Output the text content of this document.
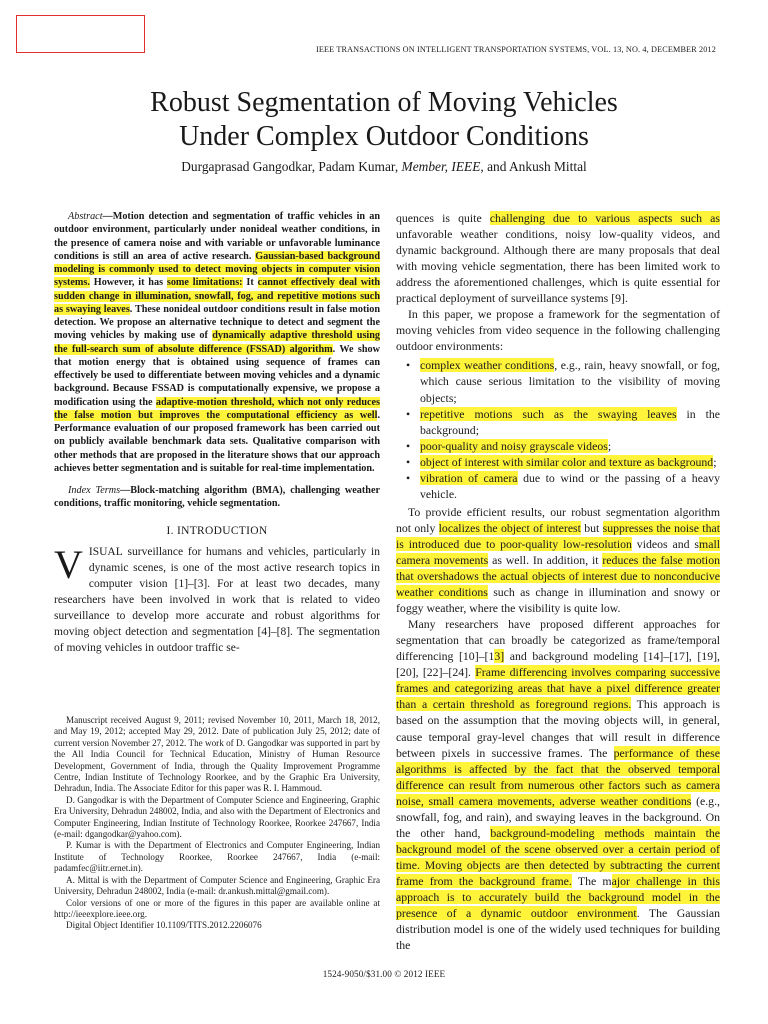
IEEE TRANSACTIONS ON INTELLIGENT TRANSPORTATION SYSTEMS, VOL. 13, NO. 4, DECEMBER 2012
Robust Segmentation of Moving Vehicles
Under Complex Outdoor Conditions
Durgaprasad Gangodkar, Padam Kumar, Member, IEEE, and Ankush Mittal

Abstract—Motion detection and segmentation of traffic vehicles in an outdoor environment, particularly under nonideal weather conditions, in the presence of camera noise and with variable or unfavorable luminance conditions is still an area of active research. Gaussian-based background modeling is commonly used to detect moving objects in computer vision systems. However, it has some limitations: It cannot effectively deal with sudden change in illumination, snowfall, fog, and repetitive motions such as swaying leaves. These nonideal outdoor conditions result in false motion detection. We propose an alternative technique to detect and segment the moving vehicles by making use of dynamically adaptive threshold using the full-search sum of absolute difference (FSSAD) algorithm. We show that motion energy that is obtained using sequence of frames can effectively be used to differentiate between moving vehicles and a dynamic background. Because FSSAD is computationally expensive, we propose a modification using the adaptive-motion threshold, which not only reduces the false motion but improves the computational efficiency as well. Performance evaluation of our proposed framework has been carried out on publicly available benchmark data sets. Qualitative comparison with other methods that are proposed in the literature shows that our approach achieves better segmentation and is suitable for real-time implementation.

Index Terms—Block-matching algorithm (BMA), challenging weather conditions, traffic monitoring, vehicle segmentation.

I. INTRODUCTION

VISUAL surveillance for humans and vehicles, particularly in dynamic scenes, is one of the most active research topics in computer vision [1]–[3]. For at least two decades, many researchers have been involved in work that is related to video surveillance to develop more accurate and robust algorithms for moving object detection and segmentation [4]–[8]. The segmentation of moving vehicles in outdoor traffic se-

Manuscript received August 9, 2011; revised November 10, 2011, March 18, 2012, and May 19, 2012; accepted May 29, 2012. Date of publication July 25, 2012; date of current version November 27, 2012. The work of D. Gangodkar was supported in part by the All India Council for Technical Education, Ministry of Human Resource Development, Government of India, through the Quality Improvement Programme Centre, Indian Institute of Technology Roorkee, and by the Graphic Era University, Dehradun, India. The Associate Editor for this paper was R. I. Hammoud.

D. Gangodkar is with the Department of Computer Science and Engineering, Graphic Era University, Dehradun 248002, India, and also with the Department of Electronics and Computer Engineering, Indian Institute of Technology Roorkee, Roorkee 247667, India (e-mail: dgangodkar@yahoo.com).

P. Kumar is with the Department of Electronics and Computer Engineering, Indian Institute of Technology Roorkee, Roorkee 247667, India (e-mail: padamfec@iitr.ernet.in).

A. Mittal is with the Department of Computer Science and Engineering, Graphic Era University, Dehradun 248002, India (e-mail: dr.ankush.mittal@gmail.com).

Color versions of one or more of the figures in this paper are available online at http://ieeexplore.ieee.org.

Digital Object Identifier 10.1109/TITS.2012.2206076

quences is quite challenging due to various aspects such as unfavorable weather conditions, noisy low-quality videos, and dynamic background. Although there are many proposals that deal with moving vehicle segmentation, there has been limited work to address the aforementioned challenges, which is quite essential for practical deployment of surveillance systems [9].

In this paper, we propose a framework for the segmentation of moving vehicles from video sequence in the following challenging outdoor environments:

• complex weather conditions, e.g., rain, heavy snowfall, or fog, which cause serious limitation to the visibility of moving objects;
• repetitive motions such as the swaying leaves in the background;
• poor-quality and noisy grayscale videos;
• object of interest with similar color and texture as background;
• vibration of camera due to wind or the passing of a heavy vehicle.

To provide efficient results, our robust segmentation algorithm not only localizes the object of interest but suppresses the noise that is introduced due to poor-quality low-resolution videos and small camera movements as well. In addition, it reduces the false motion that overshadows the actual objects of interest due to nonconducive weather conditions such as change in illumination and snowy or foggy weather, where the visibility is quite low.

Many researchers have proposed different approaches for segmentation that can broadly be categorized as frame/temporal differencing [10]–[13] and background modeling [14]–[17], [19], [20], [22]–[24]. Frame differencing involves comparing successive frames and categorizing areas that have a pixel difference greater than a certain threshold as foreground regions. This approach is based on the assumption that the moving objects will, in general, cause temporal gray-level changes that will result in difference between pixels in successive frames. The performance of these algorithms is affected by the fact that the observed temporal difference can result from numerous other factors such as camera noise, small camera movements, adverse weather conditions (e.g., snowfall, fog, and rain), and swaying leaves in the background. On the other hand, background-modeling methods maintain the background model of the scene observed over a certain period of time. Moving objects are then detected by subtracting the current frame from the background frame. The major challenge in this approach is to accurately build the background model in the presence of a dynamic outdoor environment. The Gaussian distribution model is one of the widely used techniques for building the

1524-9050/$31.00 © 2012 IEEE
